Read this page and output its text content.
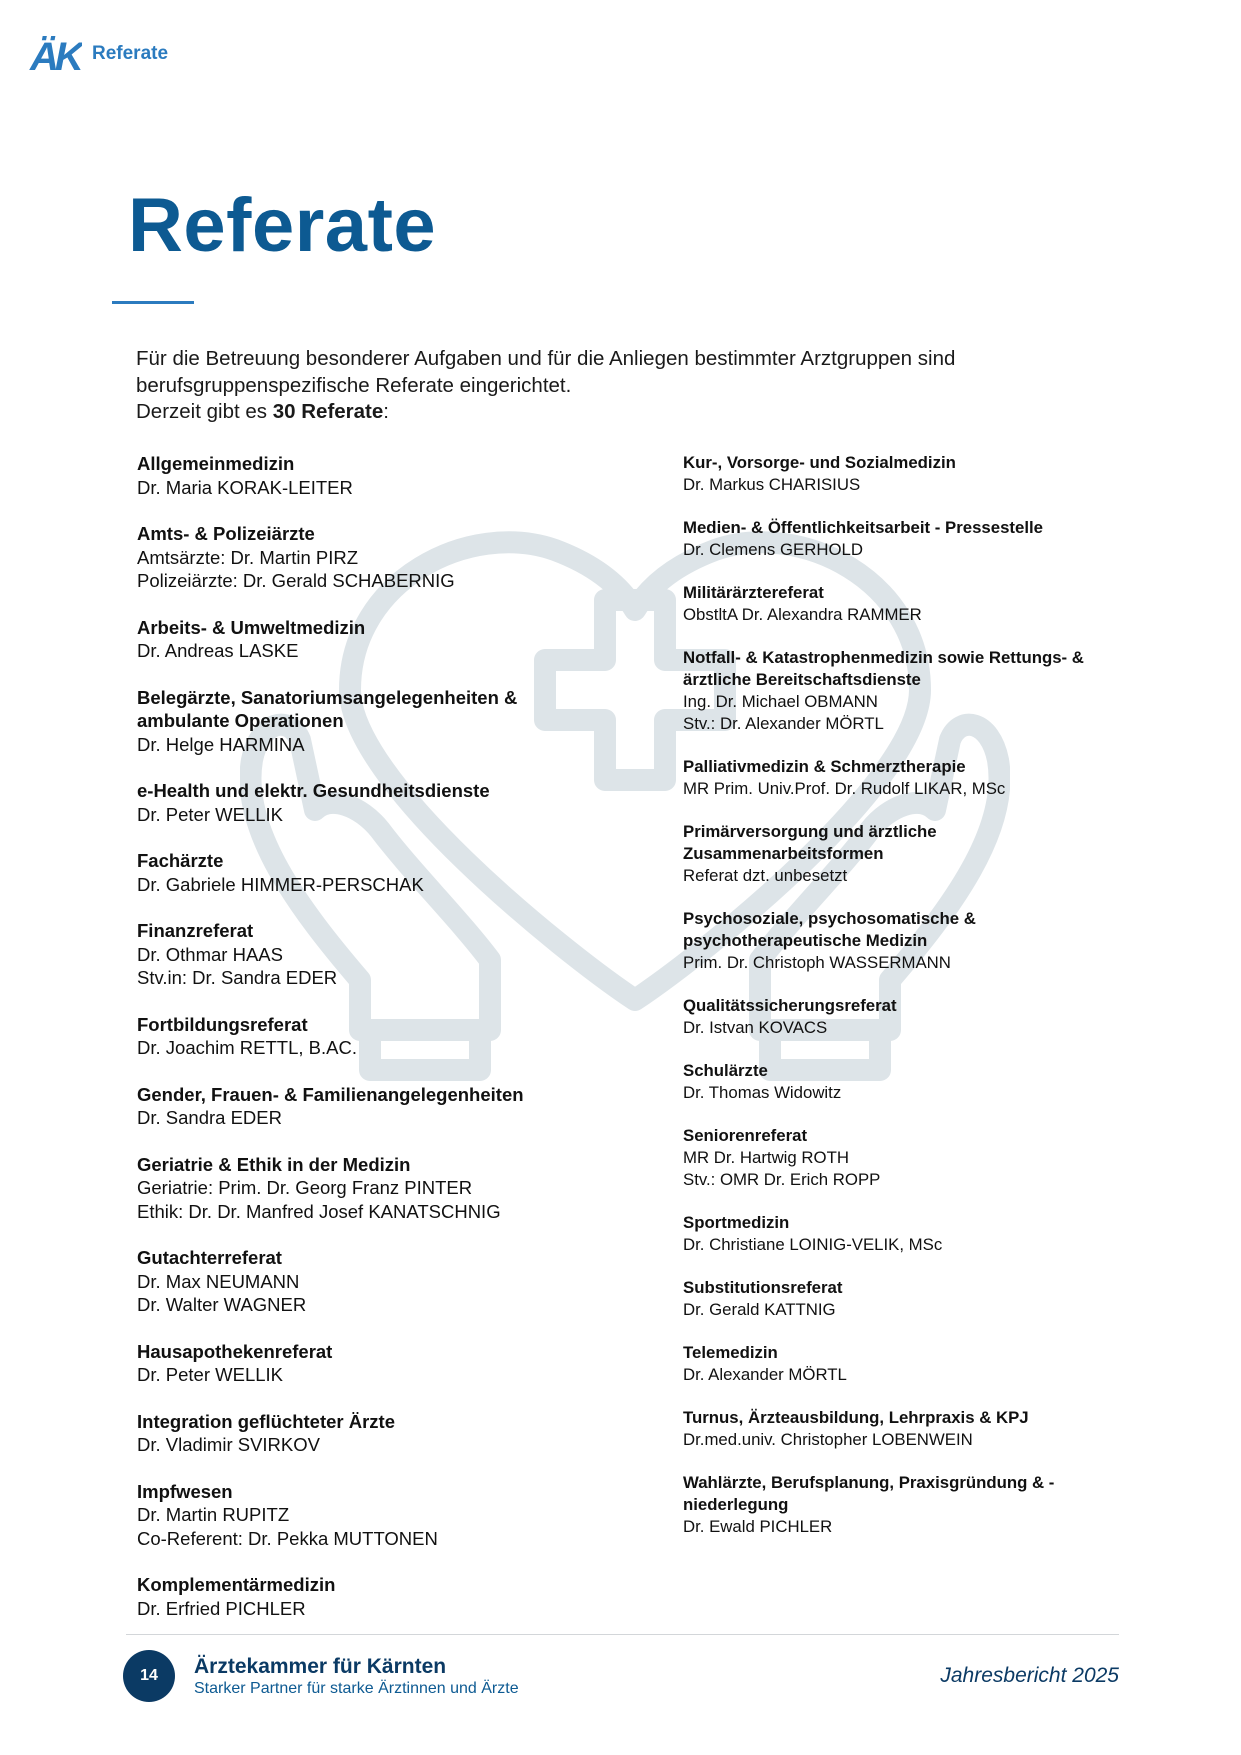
ÄK Referate
Referate

Für die Betreuung besonderer Aufgaben und für die Anliegen bestimmter Arztgruppen sind

berufsgruppenspezifische Referate eingerichtet.

Derzeit gibt es 30 Referate:

Allgemeinmedizin
Dr. Maria KORAK-LEITER
Amts- & Polizeiärzte
Amtsärzte: Dr. Martin PIRZ
Polizeiärzte: Dr. Gerald SCHABERNIG
Arbeits- & Umweltmedizin
Dr. Andreas LASKE
Belegärzte, Sanatoriumsangelegenheiten &
ambulante Operationen
Dr. Helge HARMINA
e-Health und elektr. Gesundheitsdienste
Dr. Peter WELLIK
Fachärzte
Dr. Gabriele HIMMER-PERSCHAK
Finanzreferat
Dr. Othmar HAAS
Stv.in: Dr. Sandra EDER
Fortbildungsreferat
Dr. Joachim RETTL, B.AC.
Gender, Frauen- & Familienangelegenheiten
Dr. Sandra EDER
Geriatrie & Ethik in der Medizin
Geriatrie: Prim. Dr. Georg Franz PINTER
Ethik: Dr. Dr. Manfred Josef KANATSCHNIG
Gutachterreferat
Dr. Max NEUMANN
Dr. Walter WAGNER
Hausapothekenreferat
Dr. Peter WELLIK
Integration geflüchteter Ärzte
Dr. Vladimir SVIRKOV
Impfwesen
Dr. Martin RUPITZ
Co-Referent: Dr. Pekka MUTTONEN
Komplementärmedizin
Dr. Erfried PICHLER
Kur-, Vorsorge- und Sozialmedizin
Dr. Markus CHARISIUS
Medien- & Öffentlichkeitsarbeit - Pressestelle
Dr. Clemens GERHOLD
Militärärztereferat
ObstltA Dr. Alexandra RAMMER
Notfall- & Katastrophenmedizin sowie Rettungs- &
ärztliche Bereitschaftsdienste
Ing. Dr. Michael OBMANN
Stv.: Dr. Alexander MÖRTL
Palliativmedizin & Schmerztherapie
MR Prim. Univ.Prof. Dr. Rudolf LIKAR, MSc
Primärversorgung und ärztliche
Zusammenarbeitsformen
Referat dzt. unbesetzt
Psychosoziale, psychosomatische &
psychotherapeutische Medizin
Prim. Dr. Christoph WASSERMANN
Qualitätssicherungsreferat
Dr. Istvan KOVACS
Schulärzte
Dr. Thomas Widowitz
Seniorenreferat
MR Dr. Hartwig ROTH
Stv.: OMR Dr. Erich ROPP
Sportmedizin
Dr. Christiane LOINIG-VELIK, MSc
Substitutionsreferat
Dr. Gerald KATTNIG
Telemedizin
Dr. Alexander MÖRTL
Turnus, Ärzteausbildung, Lehrpraxis & KPJ
Dr.med.univ. Christopher LOBENWEIN
Wahlärzte, Berufsplanung, Praxisgründung & -
niederlegung
Dr. Ewald PICHLER
14	Ärztekammer für Kärnten
Starker Partner für starke Ärztinnen und Ärzte
Jahresbericht 2025
